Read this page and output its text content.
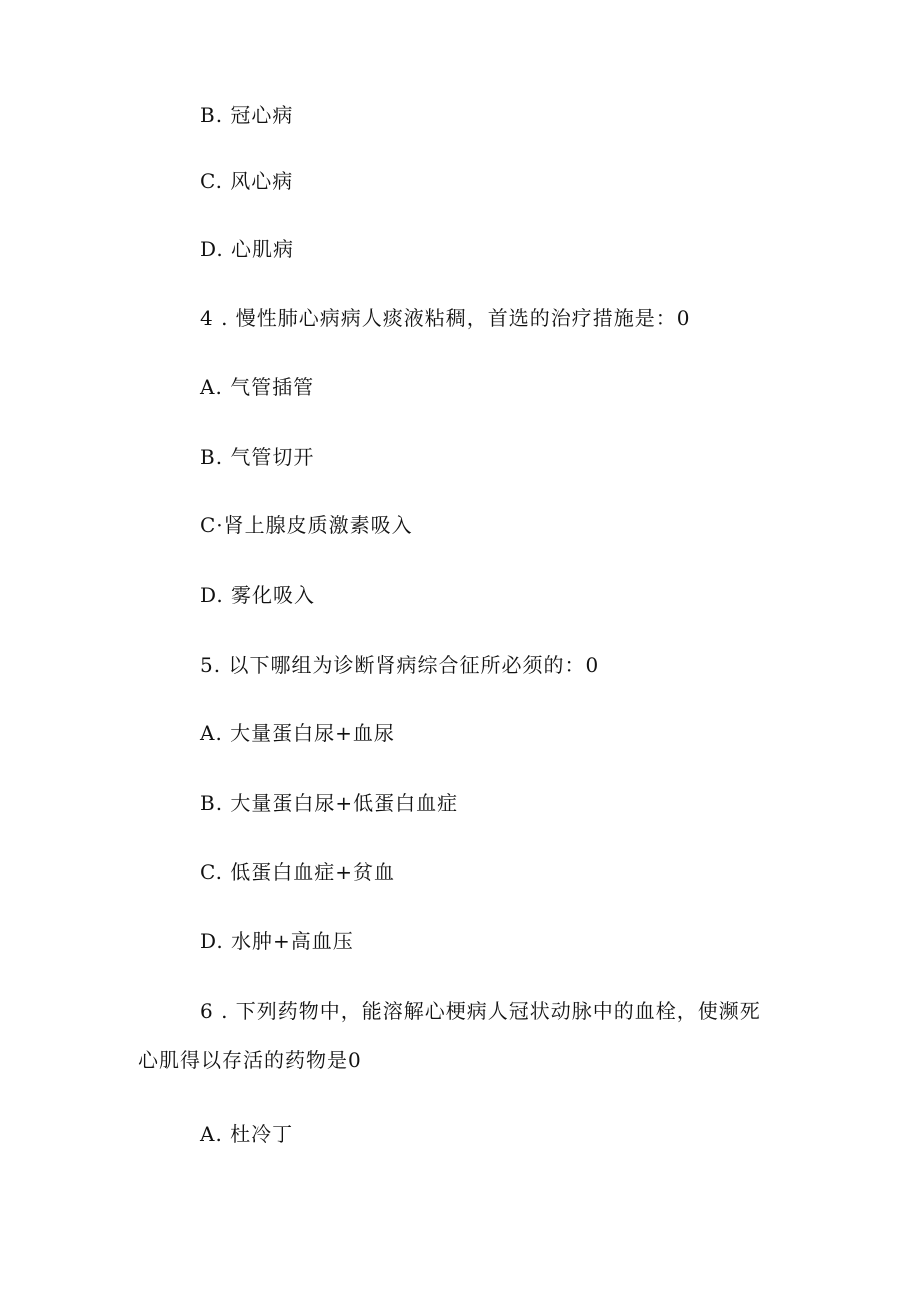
B. 冠心病
C. 风心病
D. 心肌病
4 . 慢性肺心病病人痰液粘稠，首选的治疗措施是：0
A. 气管插管
B. 气管切开
C·肾上腺皮质激素吸入
D. 雾化吸入
5. 以下哪组为诊断肾病综合征所必须的：0
A. 大量蛋白尿+血尿
B. 大量蛋白尿+低蛋白血症
C. 低蛋白血症+贫血
D. 水肿+高血压
6 . 下列药物中，能溶解心梗病人冠状动脉中的血栓，使濒死
心肌得以存活的药物是0
A. 杜冷丁
